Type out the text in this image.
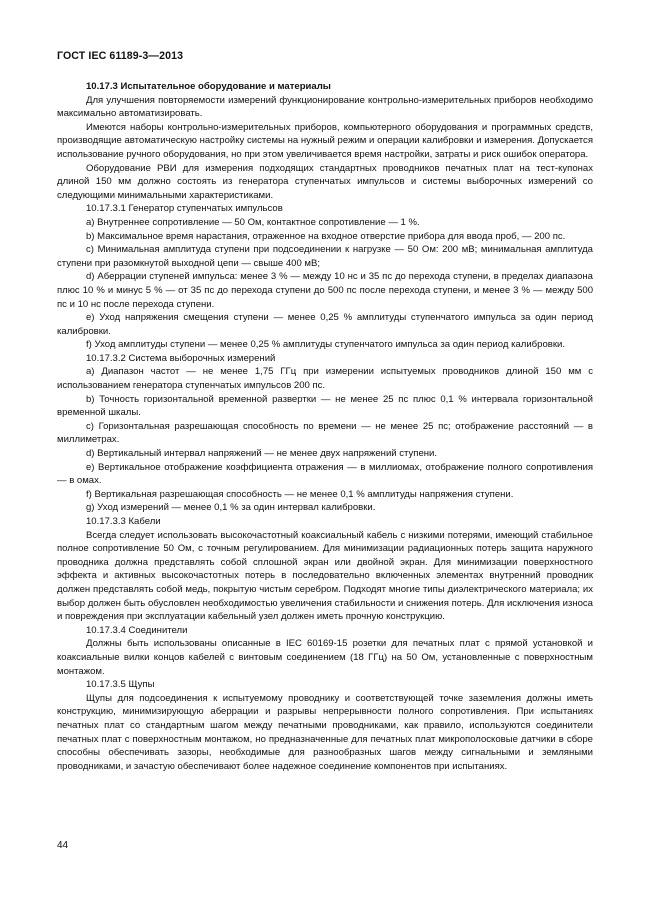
ГОСТ IEC 61189-3—2013

10.17.3 Испытательное оборудование и материалы

Для улучшения повторяемости измерений функционирование контрольно-измерительных приборов необходимо максимально автоматизировать.

Имеются наборы контрольно-измерительных приборов, компьютерного оборудования и программных средств, производящие автоматическую настройку системы на нужный режим и операции калибровки и измерения. Допускается использование ручного оборудования, но при этом увеличивается время настройки, затраты и риск ошибок оператора.

Оборудование РВИ для измерения подходящих стандартных проводников печатных плат на тест-купонах длиной 150 мм должно состоять из генератора ступенчатых импульсов и системы выборочных измерений со следующими минимальными характеристиками.

10.17.3.1 Генератор ступенчатых импульсов

a) Внутреннее сопротивление — 50 Ом, контактное сопротивление — 1 %.

b) Максимальное время нарастания, отраженное на входное отверстие прибора для ввода проб, — 200 пс.

c) Минимальная амплитуда ступени при подсоединении к нагрузке — 50 Ом: 200 мВ; минимальная амплитуда ступени при разомкнутой выходной цепи — свыше 400 мВ;

d) Аберрации ступеней импульса: менее 3 % — между 10 нс и 35 пс до перехода ступени, в пределах диапазона плюс 10 % и минус 5 % — от 35 пс до перехода ступени до 500 пс после перехода ступени, и менее 3 % — между 500 пс и 10 нс после перехода ступени.

e) Уход напряжения смещения ступени — менее 0,25 % амплитуды ступенчатого импульса за один период калибровки.

f) Уход амплитуды ступени — менее 0,25 % амплитуды ступенчатого импульса за один период калибровки.

10.17.3.2 Система выборочных измерений

a) Диапазон частот — не менее 1,75 ГГц при измерении испытуемых проводников длиной 150 мм с использованием генератора ступенчатых импульсов 200 пс.

b) Точность горизонтальной временной развертки — не менее 25 пс плюс 0,1 % интервала горизонтальной временной шкалы.

c) Горизонтальная разрешающая способность по времени — не менее 25 пс; отображение расстояний — в миллиметрах.

d) Вертикальный интервал напряжений — не менее двух напряжений ступени.

e) Вертикальное отображение коэффициента отражения — в миллиомах, отображение полного сопротивления — в омах.

f) Вертикальная разрешающая способность — не менее 0,1 % амплитуды напряжения ступени.

g) Уход измерений — менее 0,1 % за один интервал калибровки.

10.17.3.3 Кабели

Всегда следует использовать высокочастотный коаксиальный кабель с низкими потерями, имеющий стабильное полное сопротивление 50 Ом, с точным регулированием. Для минимизации радиационных потерь защита наружного проводника должна представлять собой сплошной экран или двойной экран. Для минимизации поверхностного эффекта и активных высокочастотных потерь в последовательно включенных элементах внутренний проводник должен представлять собой медь, покрытую чистым серебром. Подходят многие типы диэлектрического материала; их выбор должен быть обусловлен необходимостью увеличения стабильности и снижения потерь. Для исключения износа и повреждения при эксплуатации кабельный узел должен иметь прочную конструкцию.

10.17.3.4 Соединители

Должны быть использованы описанные в IEC 60169-15 розетки для печатных плат с прямой установкой и коаксиальные вилки концов кабелей с винтовым соединением (18 ГГц) на 50 Ом, установленные с поверхностным монтажом.

10.17.3.5 Щупы

Щупы для подсоединения к испытуемому проводнику и соответствующей точке заземления должны иметь конструкцию, минимизирующую аберрации и разрывы непрерывности полного сопротивления. При испытаниях печатных плат со стандартным шагом между печатными проводниками, как правило, используются соединители печатных плат с поверхностным монтажом, но предназначенные для печатных плат микрополосковые датчики в сборе способны обеспечивать зазоры, необходимые для разнообразных шагов между сигнальными и земляными проводниками, и зачастую обеспечивают более надежное соединение компонентов при испытаниях.

44
